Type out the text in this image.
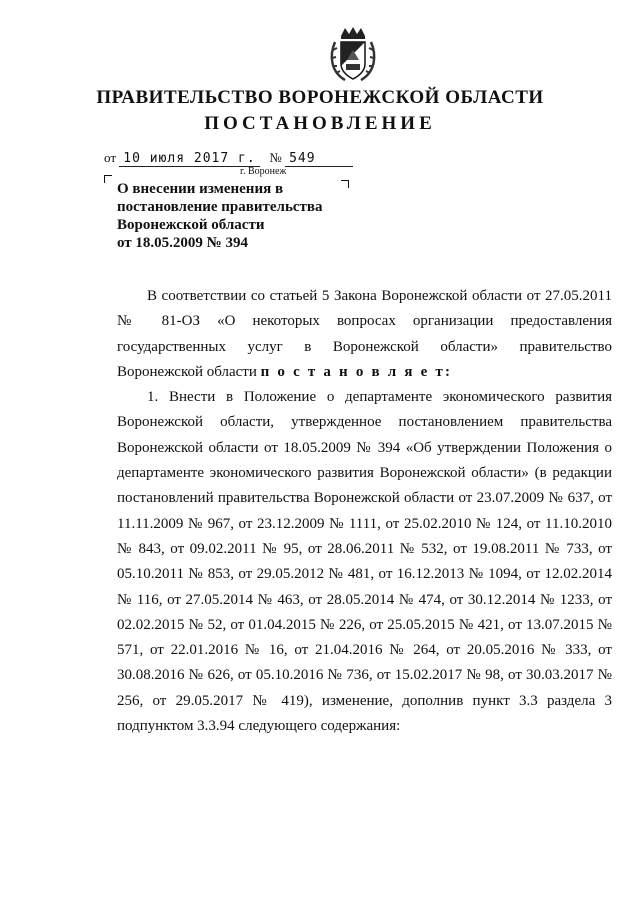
ПРАВИТЕЛЬСТВО ВОРОНЕЖСКОЙ ОБЛАСТИ
ПОСТАНОВЛЕНИЕ
от 10 июля 2017 г. № 549
г. Воронеж
О внесении изменения в
постановление правительства
Воронежской области
от 18.05.2009 № 394

В соответствии со статьей 5 Закона Воронежской области от 27.05.2011 № 81-ОЗ «О некоторых вопросах организации предоставления государственных услуг в Воронежской области» правительство Воронежской области п о с т а н о в л я е т:

1. Внести в Положение о департаменте экономического развития Воронежской области, утвержденное постановлением правительства Воронежской области от 18.05.2009 № 394 «Об утверждении Положения о департаменте экономического развития Воронежской области» (в редакции постановлений правительства Воронежской области от 23.07.2009 № 637, от 11.11.2009 № 967, от 23.12.2009 № 1111, от 25.02.2010 № 124, от 11.10.2010 № 843, от 09.02.2011 № 95, от 28.06.2011 № 532, от 19.08.2011 № 733, от 05.10.2011 № 853, от 29.05.2012 № 481, от 16.12.2013 № 1094, от 12.02.2014 № 116, от 27.05.2014 № 463, от 28.05.2014 № 474, от 30.12.2014 № 1233, от 02.02.2015 № 52, от 01.04.2015 № 226, от 25.05.2015 № 421, от 13.07.2015 № 571, от 22.01.2016 № 16, от 21.04.2016 № 264, от 20.05.2016 № 333, от 30.08.2016 № 626, от 05.10.2016 № 736, от 15.02.2017 № 98, от 30.03.2017 № 256, от 29.05.2017 № 419), изменение, дополнив пункт 3.3 раздела 3 подпунктом 3.3.94 следующего содержания:
